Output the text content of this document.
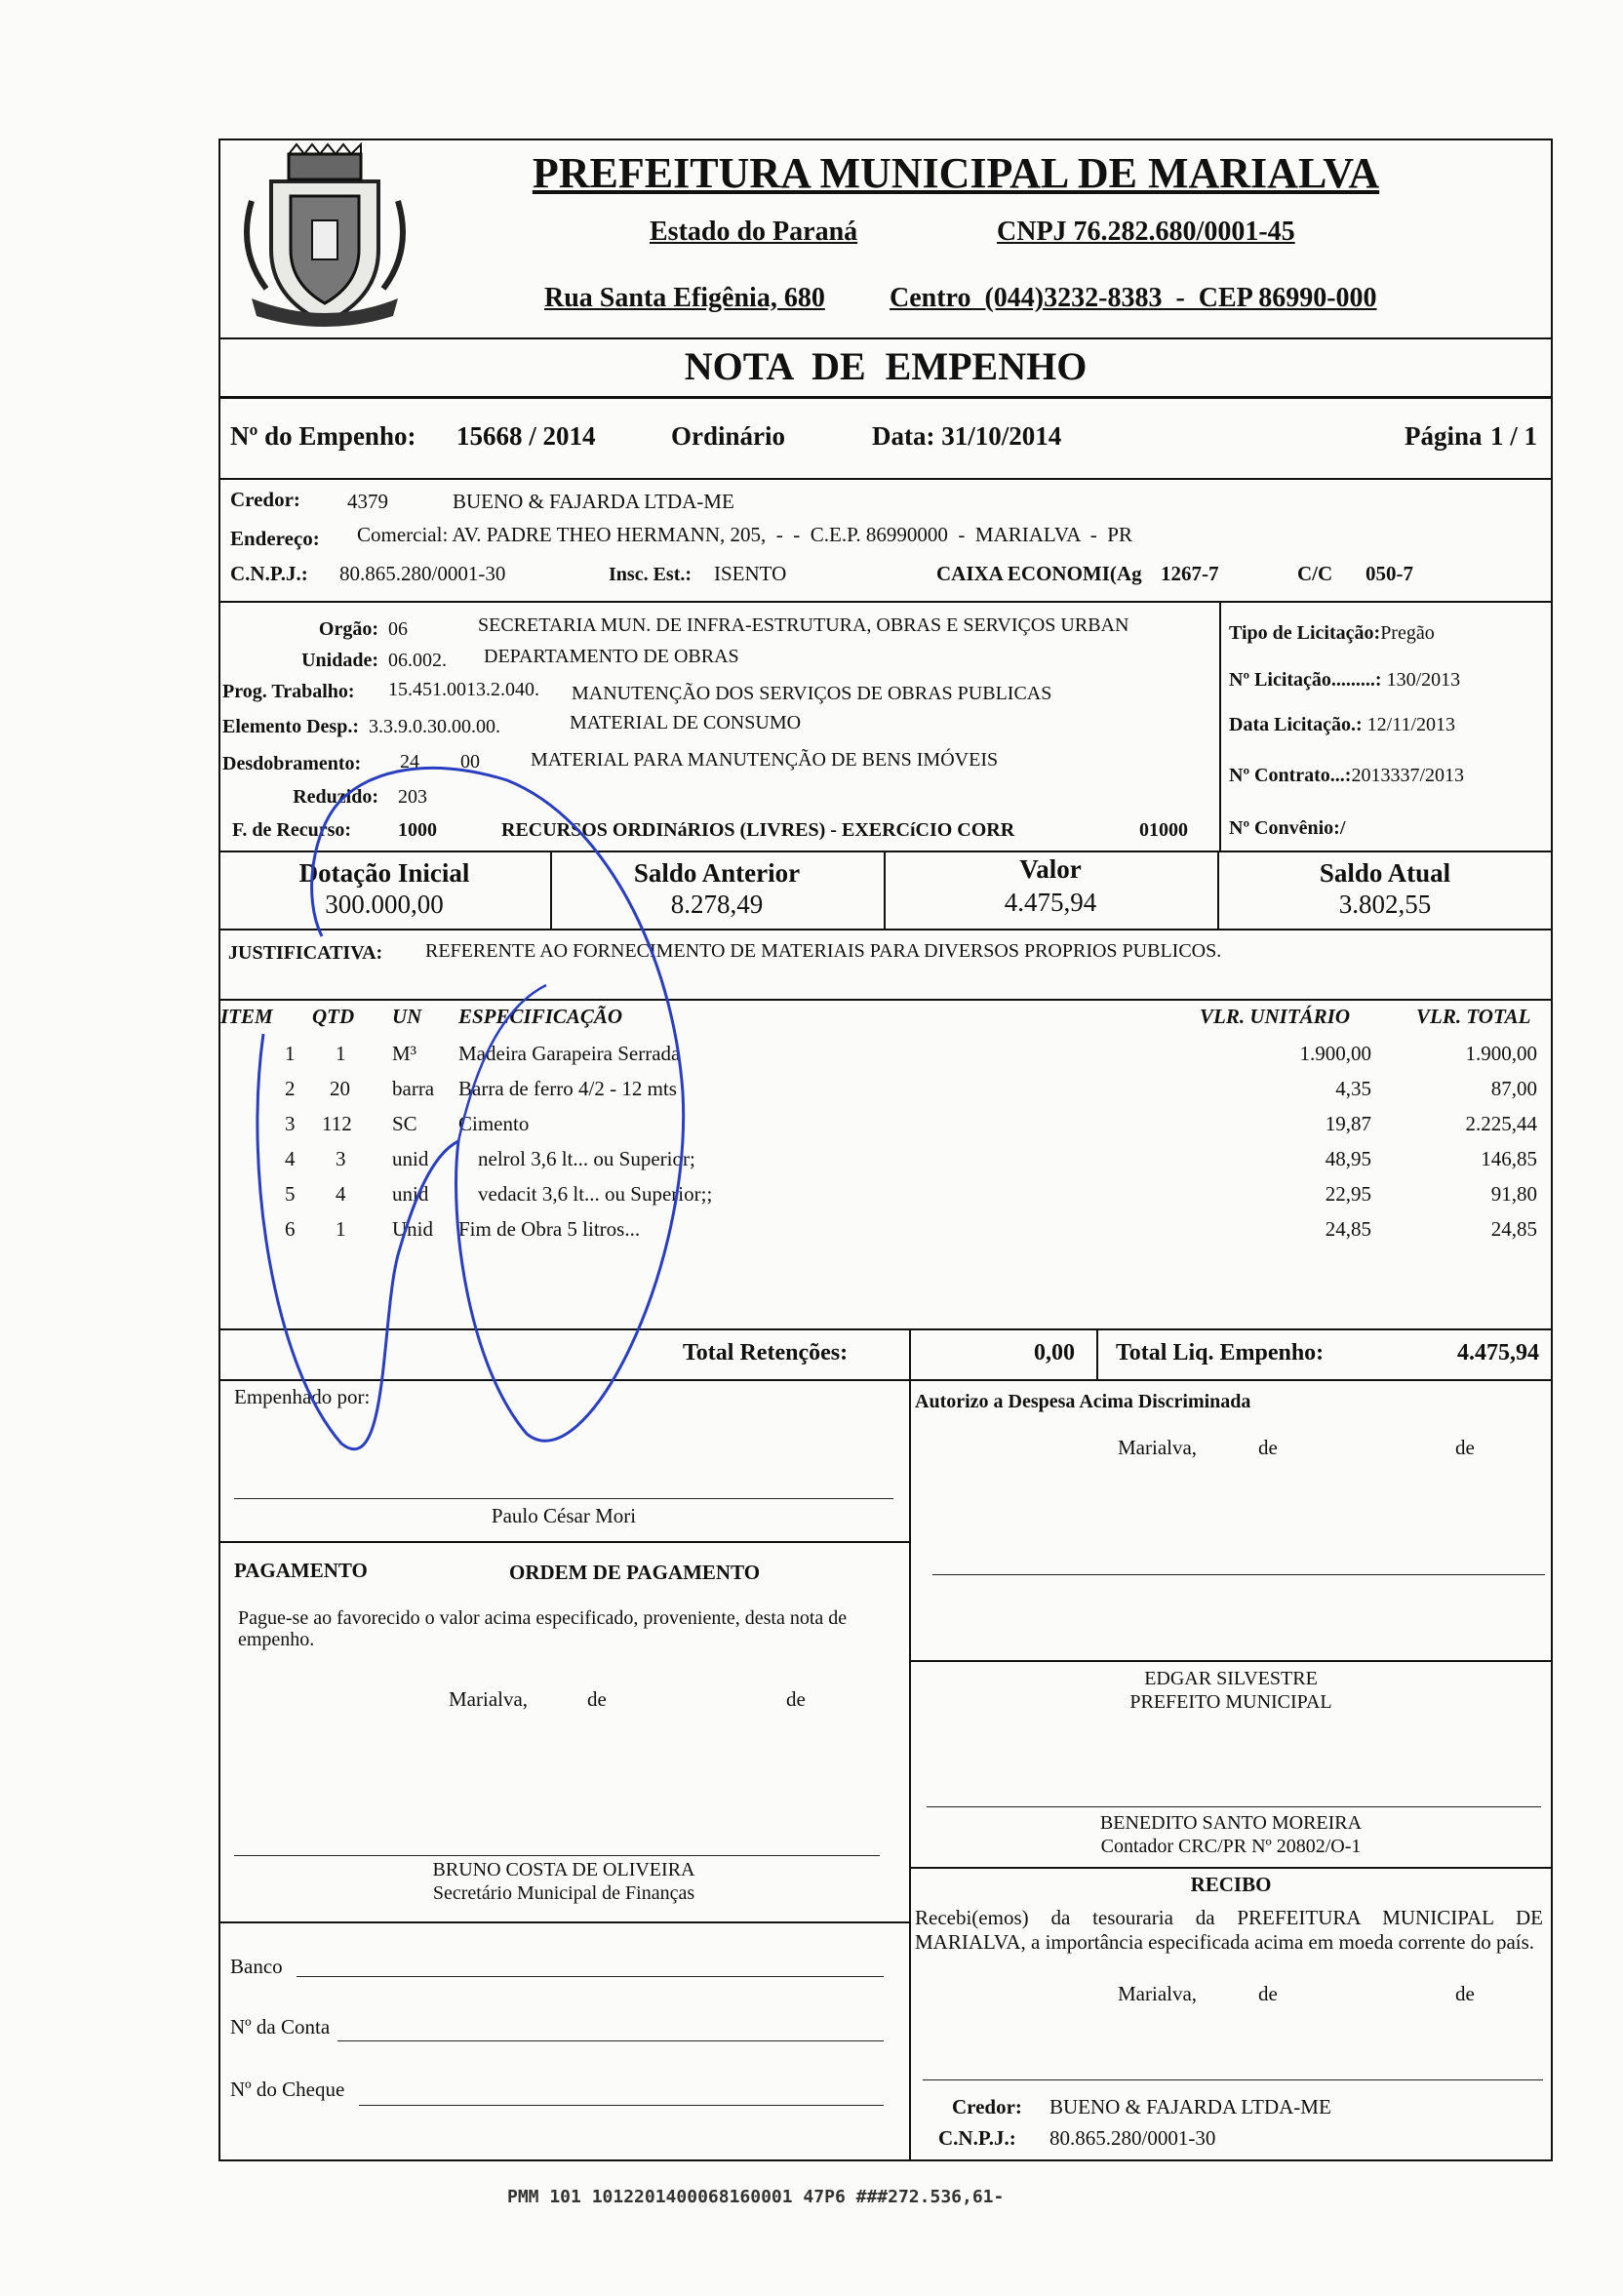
PREFEITURA MUNICIPAL DE MARIALVA
Estado do Paraná	CNPJ 76.282.680/0001-45
Rua Santa Efigênia, 680 Centro  (044)3232-8383  -  CEP 86990-000
NOTA  DE  EMPENHO
Nº do Empenho: 15668 / 2014	Ordinário	Data: 31/10/2014	Página 1 / 1
Credor: 4379	BUENO & FAJARDA LTDA-ME
Endereço: Comercial: AV. PADRE THEO HERMANN, 205,  -  -  C.E.P. 86990000  -  MARIALVA  -  PR
C.N.P.J.: 80.865.280/0001-30	Insc. Est.: ISENTO	CAIXA ECONOMI(Ag 1267-7	C/C 050-7
Orgão: 06	SECRETARIA MUN. DE INFRA-ESTRUTURA, OBRAS E SERVIÇOS URBAN
Unidade: 06.002. DEPARTAMENTO DE OBRAS
Prog. Trabalho: 15.451.0013.2.040. MANUTENÇÃO DOS SERVIÇOS DE OBRAS PUBLICAS
Elemento Desp.: 3.3.9.0.30.00.00.	MATERIAL DE CONSUMO
Desdobramento: 24 00	MATERIAL PARA MANUTENÇÃO DE BENS IMÓVEIS
Reduzido: 203
F. de Recurso: 1000	RECURSOS ORDINáRIOS (LIVRES) - EXERCíCIO CORR	01000
Tipo de Licitação:Pregão
Nº Licitação.........: 130/2013
Data Licitação.: 12/11/2013
Nº Contrato...:2013337/2013
Nº Convênio:/
Dotação Inicial
300.000,00
Saldo Anterior
8.278,49
Valor
4.475,94
Saldo Atual
3.802,55
JUSTIFICATIVA: REFERENTE AO FORNECIMENTO DE MATERIAIS PARA DIVERSOS PROPRIOS PUBLICOS.
ITEM QTD UN ESPECIFICAÇÃO	VLR. UNITÁRIO	VLR. TOTAL
1 1 M³ Madeira Garapeira Serrada	1.900,00	1.900,00
2 20 barra Barra de ferro 4/2 - 12 mts	4,35	87,00
3 112 SC Cimento	19,87	2.225,44
4 3 unid nelrol 3,6 lt... ou Superior;	48,95	146,85
5 4 unid vedacit 3,6 lt... ou Superior;;	22,95	91,80
6 1 Unid Fim de Obra 5 litros...	24,85	24,85
Total Retenções:	0,00 Total Liq. Empenho:	4.475,94
Empenhado por:
Paulo César Mori
Autorizo a Despesa Acima Discriminada
Marialva,	de	de
PAGAMENTO	ORDEM DE PAGAMENTO
Pague-se ao favorecido o valor acima especificado, proveniente, desta nota de empenho.
Marialva,	de	de
EDGAR SILVESTRE
PREFEITO MUNICIPAL
BENEDITO SANTO MOREIRA
Contador CRC/PR Nº 20802/O-1
BRUNO COSTA DE OLIVEIRA
Secretário Municipal de Finanças	RECIBO
Recebi(emos) da tesouraria da PREFEITURA MUNICIPAL DE MARIALVA, a importância especificada acima em moeda corrente do país.
Marialva,	de	de
Credor: BUENO & FAJARDA LTDA-ME
C.N.P.J.: 80.865.280/0001-30
Banco
Nº da Conta
Nº do Cheque
PMM 101 1012201400068160001 47P6 ###272.536,61-
